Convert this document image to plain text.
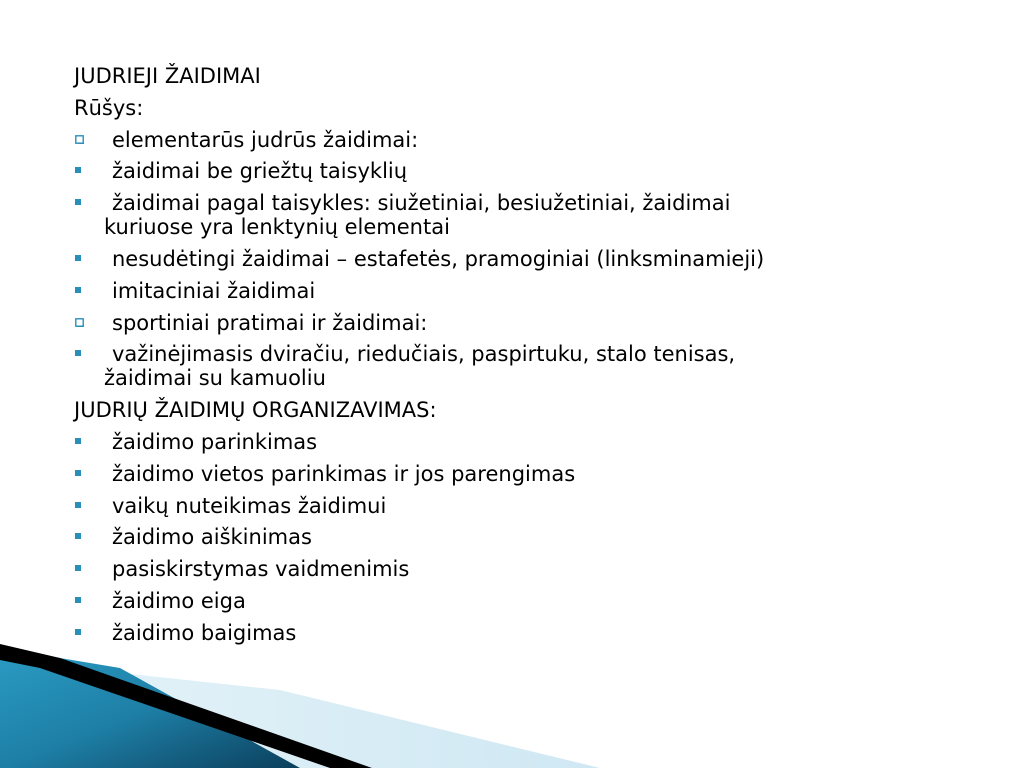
JUDRIEJI ŽAIDIMAI
Rūšys:
elementarūs judrūs žaidimai:
žaidimai be griežtų taisyklių
žaidimai pagal taisykles: siužetiniai, besiužetiniai, žaidimai
kuriuose yra lenktynių elementai
nesudėtingi žaidimai – estafetės, pramoginiai (linksminamieji)
imitaciniai žaidimai
sportiniai pratimai ir žaidimai:
važinėjimasis dviračiu, riedučiais, paspirtuku, stalo tenisas,
žaidimai su kamuoliu
JUDRIŲ ŽAIDIMŲ ORGANIZAVIMAS:
žaidimo parinkimas
žaidimo vietos parinkimas ir jos parengimas
vaikų nuteikimas žaidimui
žaidimo aiškinimas
pasiskirstymas vaidmenimis
žaidimo eiga
žaidimo baigimas
